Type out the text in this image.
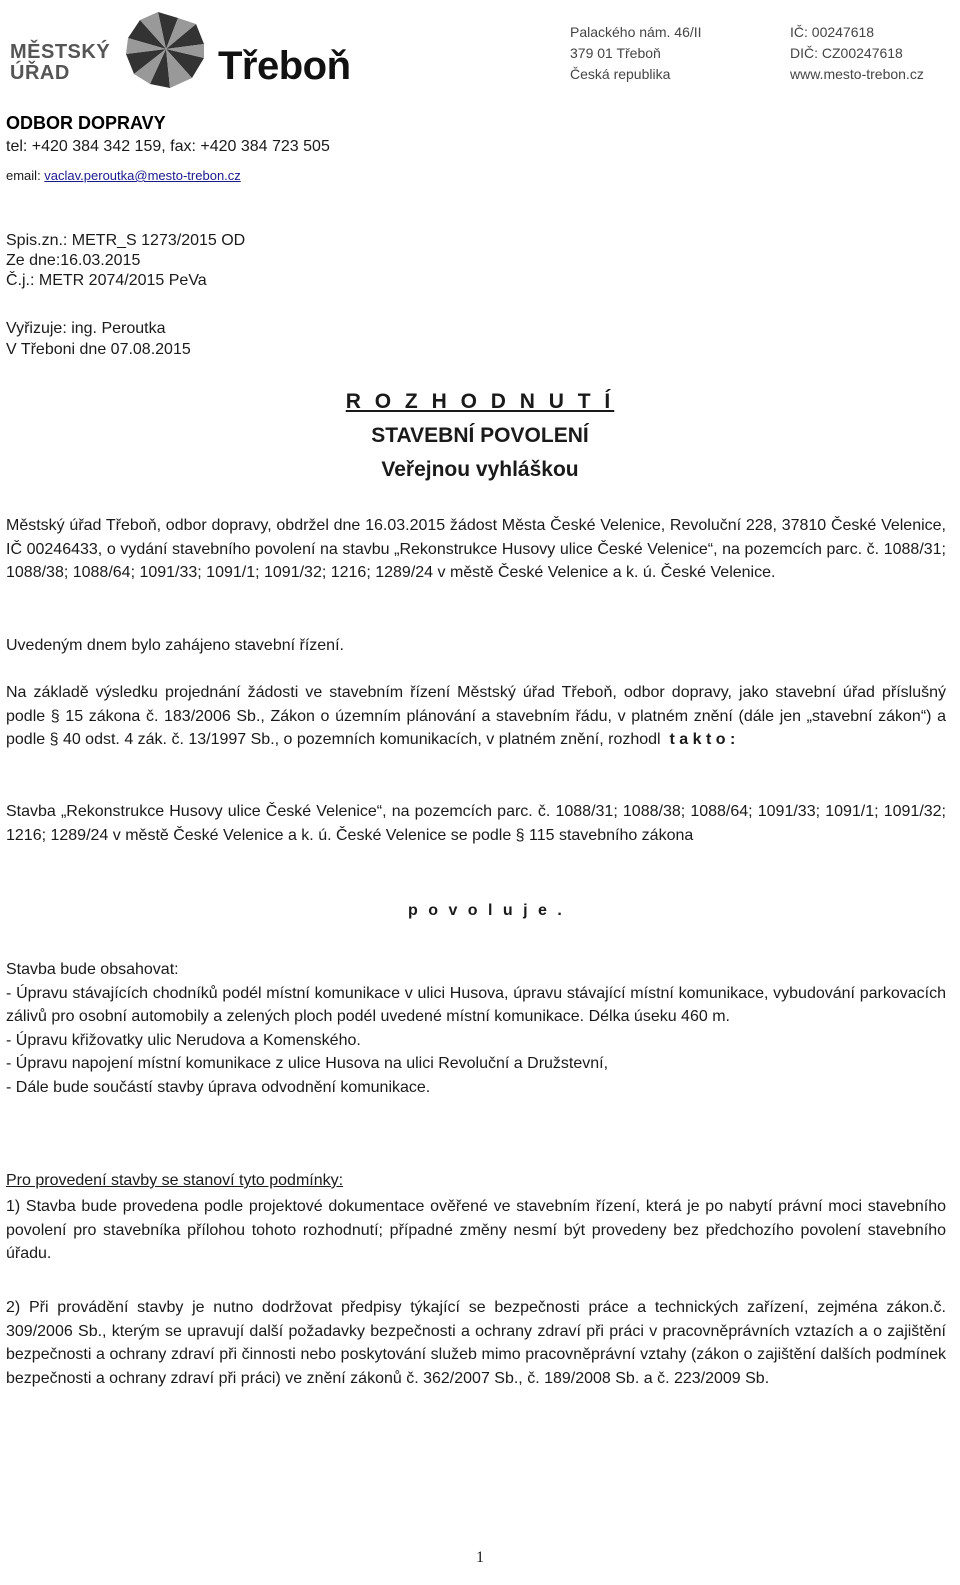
MĚSTSKÝ
ÚŘAD	Třeboň
Palackého nám. 46/II
379 01 Třeboň
Česká republika
IČ: 00247618
DIČ: CZ00247618
www.mesto-trebon.cz
ODBOR DOPRAVY
tel: +420 384 342 159, fax: +420 384 723 505
email: vaclav.peroutka@mesto-trebon.cz
Spis.zn.: METR_S 1273/2015 OD
Ze dne:16.03.2015
Č.j.: METR 2074/2015 PeVa
Vyřizuje: ing. Peroutka
V Třeboni dne 07.08.2015
R O Z H O D N U T Í
STAVEBNÍ POVOLENÍ
Veřejnou vyhláškou
Městský úřad Třeboň, odbor dopravy, obdržel dne 16.03.2015 žádost Města České Velenice, Revoluční 228, 37810 České Velenice, IČ 00246433, o vydání stavebního povolení na stavbu „Rekonstrukce Husovy ulice České Velenice“, na pozemcích parc. č. 1088/31; 1088/38; 1088/64; 1091/33; 1091/1; 1091/32; 1216; 1289/24 v městě České Velenice a k. ú. České Velenice.
Uvedeným dnem bylo zahájeno stavební řízení.
Na základě výsledku projednání žádosti ve stavebním řízení Městský úřad Třeboň, odbor dopravy, jako stavební úřad příslušný podle § 15 zákona č. 183/2006 Sb., Zákon o územním plánování a stavebním řádu, v platném znění (dále jen „stavební zákon“) a podle § 40 odst. 4 zák. č. 13/1997 Sb., o pozemních komunikacích, v platném znění, rozhodl  t a k t o :
Stavba „Rekonstrukce Husovy ulice České Velenice“, na pozemcích parc. č. 1088/31; 1088/38; 1088/64; 1091/33; 1091/1; 1091/32; 1216; 1289/24 v městě České Velenice a k. ú. České Velenice se podle § 115 stavebního zákona
p o v o l u j e .
Stavba bude obsahovat:
- Úpravu stávajících chodníků podél místní komunikace v ulici Husova, úpravu stávající místní komunikace, vybudování parkovacích zálivů pro osobní automobily a zelených ploch podél uvedené místní komunikace. Délka úseku 460 m.
- Úpravu křižovatky ulic Nerudova a Komenského.
- Úpravu napojení místní komunikace z ulice Husova na ulici Revoluční a Družstevní,
- Dále bude součástí stavby úprava odvodnění komunikace.
Pro provedení stavby se stanoví tyto podmínky:
1) Stavba bude provedena podle projektové dokumentace ověřené ve stavebním řízení, která je po nabytí právní moci stavebního povolení pro stavebníka přílohou tohoto rozhodnutí; případné změny nesmí být provedeny bez předchozího povolení stavebního úřadu.
2) Při provádění stavby je nutno dodržovat předpisy týkající se bezpečnosti práce a technických zařízení, zejména zákon.č. 309/2006 Sb., kterým se upravují další požadavky bezpečnosti a ochrany zdraví při práci v pracovněprávních vztazích a o zajištění bezpečnosti a ochrany zdraví při činnosti nebo poskytování služeb mimo pracovněprávní vztahy (zákon o zajištění dalších podmínek bezpečnosti a ochrany zdraví při práci) ve znění zákonů č. 362/2007 Sb., č. 189/2008 Sb. a č. 223/2009 Sb.
1
